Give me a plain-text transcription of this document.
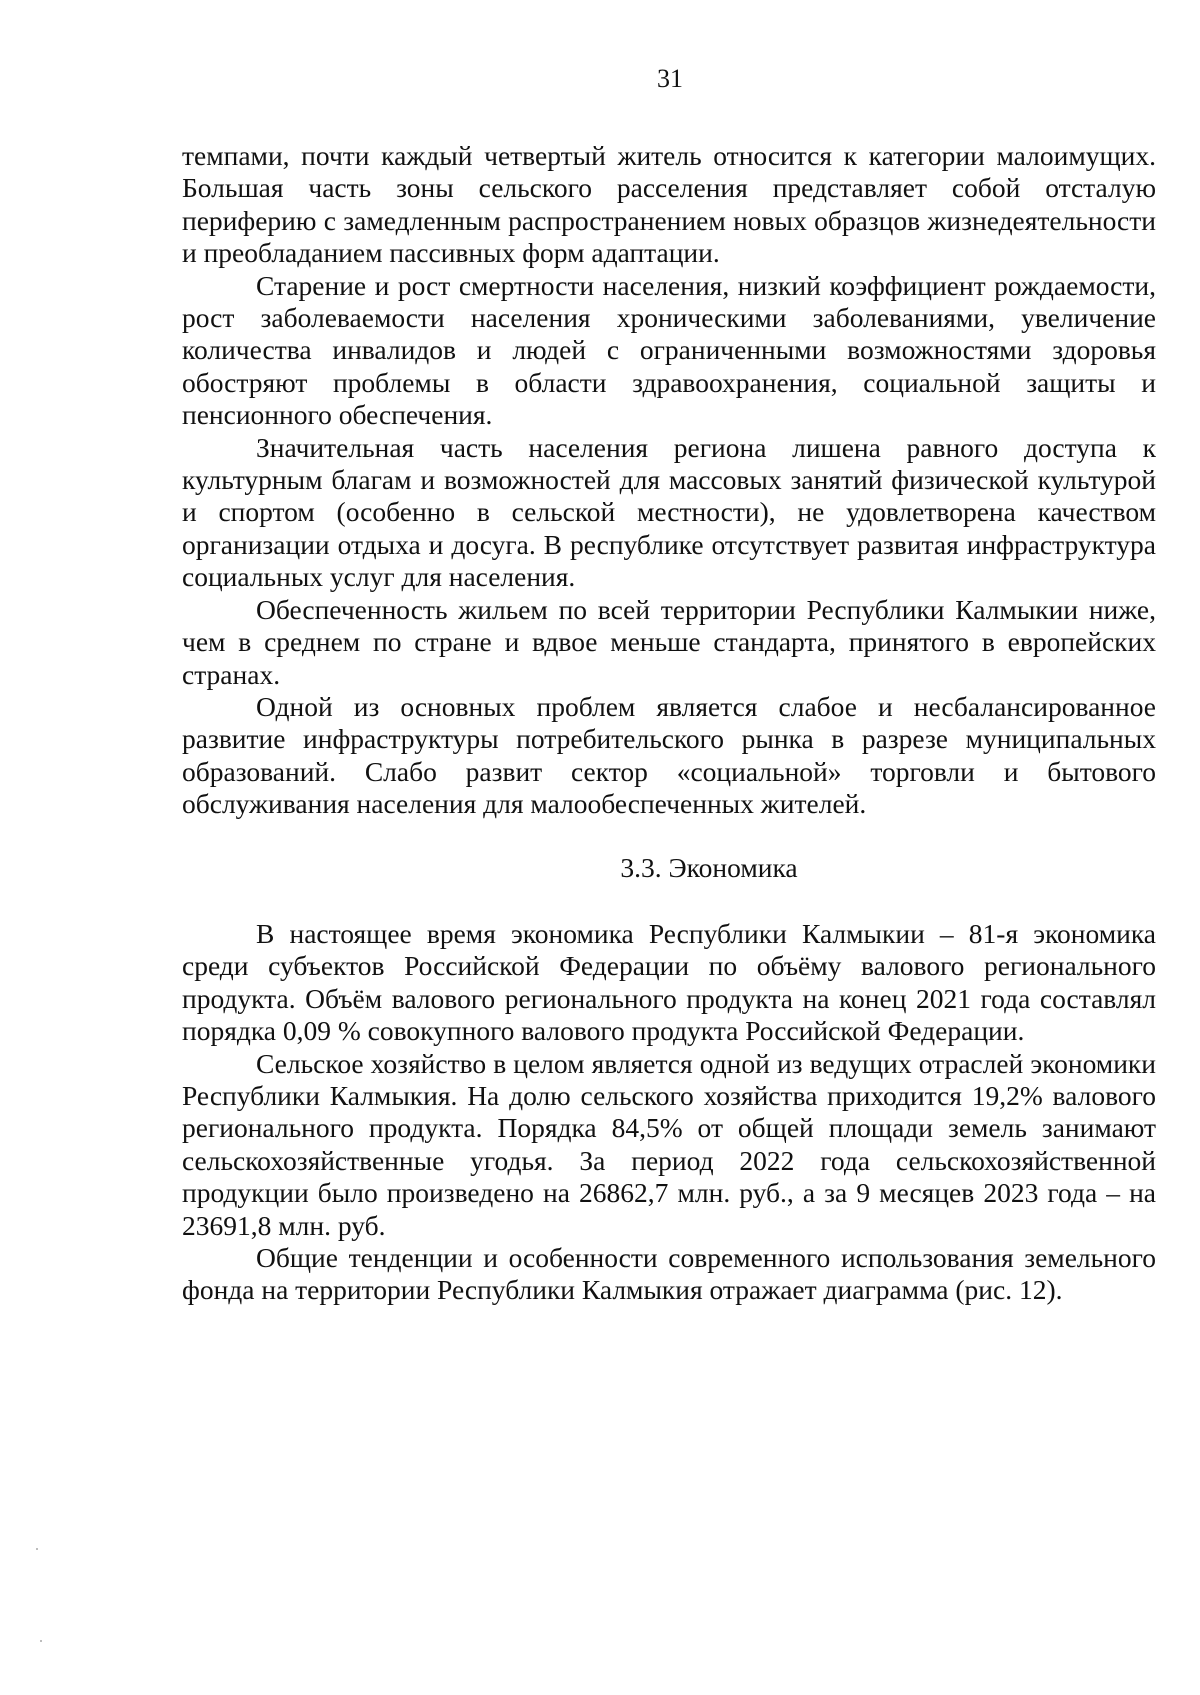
31

темпами, почти каждый четвертый житель относится к категории малоимущих. Большая часть зоны сельского расселения представляет собой отсталую периферию с замедленным распространением новых образцов жизнедеятельности и преобладанием пассивных форм адаптации.

Старение и рост смертности населения, низкий коэффициент рождаемости, рост заболеваемости населения хроническими заболеваниями, увеличение количества инвалидов и людей с ограниченными возможностями здоровья обостряют проблемы в области здравоохранения, социальной защиты и пенсионного обеспечения.

Значительная часть населения региона лишена равного доступа к культурным благам и возможностей для массовых занятий физической культурой и спортом (особенно в сельской местности), не удовлетворена качеством организации отдыха и досуга. В республике отсутствует развитая инфраструктура социальных услуг для населения.

Обеспеченность жильем по всей территории Республики Калмыкии ниже, чем в среднем по стране и вдвое меньше стандарта, принятого в европейских странах.

Одной из основных проблем является слабое и несбалансированное развитие инфраструктуры потребительского рынка в разрезе муниципальных образований. Слабо развит сектор «социальной» торговли и бытового обслуживания населения для малообеспеченных жителей.

3.3. Экономика

В настоящее время экономика Республики Калмыкии – 81-я экономика среди субъектов Российской Федерации по объёму валового регионального продукта. Объём валового регионального продукта на конец 2021 года составлял порядка 0,09 % совокупного валового продукта Российской Федерации.

Сельское хозяйство в целом является одной из ведущих отраслей экономики Республики Калмыкия. На долю сельского хозяйства приходится 19,2% валового регионального продукта. Порядка 84,5% от общей площади земель занимают сельскохозяйственные угодья. За период 2022 года сельскохозяйственной продукции было произведено на 26862,7 млн. руб., а за 9 месяцев 2023 года – на 23691,8 млн. руб.

Общие тенденции и особенности современного использования земельного фонда на территории Республики Калмыкия отражает диаграмма (рис. 12).
